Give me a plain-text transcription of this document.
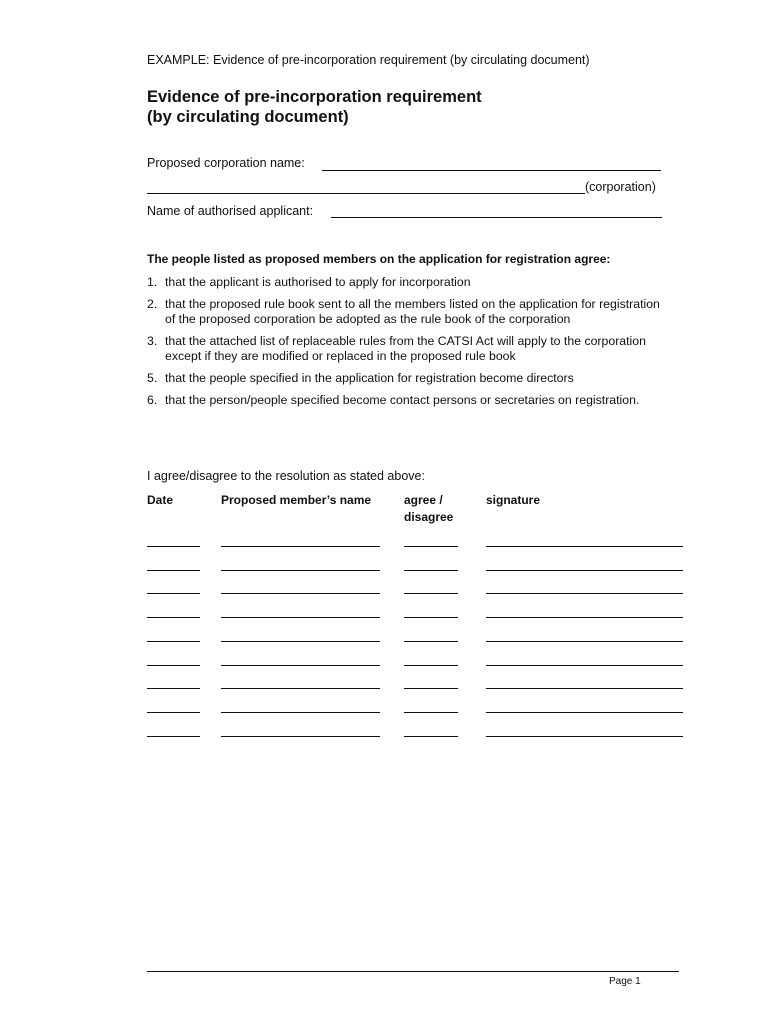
EXAMPLE: Evidence of pre-incorporation requirement (by circulating document)
Evidence of pre-incorporation requirement
(by circulating document)
Proposed corporation name:
(corporation)
Name of authorised applicant:
The people listed as proposed members on the application for registration agree:
1. that the applicant is authorised to apply for incorporation
2. that the proposed rule book sent to all the members listed on the application for registration of the proposed corporation be adopted as the rule book of the corporation
3. that the attached list of replaceable rules from the CATSI Act will apply to the corporation except if they are modified or replaced in the proposed rule book
5. that the people specified in the application for registration become directors
6. that the person/people specified become contact persons or secretaries on registration.
I agree/disagree to the resolution as stated above:
Date	Proposed member’s name	agree /
disagree
signature
Page 1
